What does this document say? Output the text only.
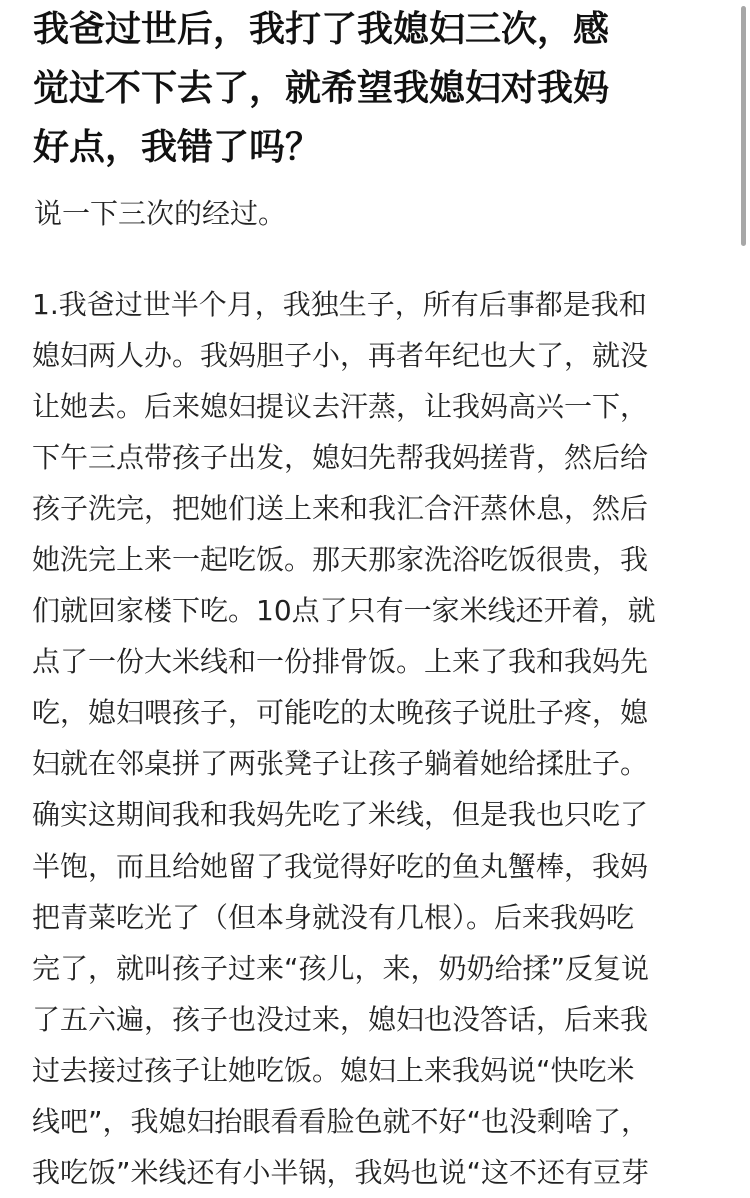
我爸过世后，我打了我媳妇三次，感
觉过不下去了，就希望我媳妇对我妈
好点，我错了吗？

说一下三次的经过。

1.我爸过世半个月，我独生子，所有后事都是我和
媳妇两人办。我妈胆子小，再者年纪也大了，就没
让她去。后来媳妇提议去汗蒸，让我妈高兴一下，
下午三点带孩子出发，媳妇先帮我妈搓背，然后给
孩子洗完，把她们送上来和我汇合汗蒸休息，然后
她洗完上来一起吃饭。那天那家洗浴吃饭很贵，我
们就回家楼下吃。10点了只有一家米线还开着，就
点了一份大米线和一份排骨饭。上来了我和我妈先
吃，媳妇喂孩子，可能吃的太晚孩子说肚子疼，媳
妇就在邻桌拼了两张凳子让孩子躺着她给揉肚子。
确实这期间我和我妈先吃了米线，但是我也只吃了
半饱，而且给她留了我觉得好吃的鱼丸蟹棒，我妈
把青菜吃光了（但本身就没有几根）。后来我妈吃
完了，就叫孩子过来“孩儿，来，奶奶给揉”反复说
了五六遍，孩子也没过来，媳妇也没答话，后来我
过去接过孩子让她吃饭。媳妇上来我妈说“快吃米
线吧”，我媳妇抬眼看看脸色就不好“也没剩啥了，
我吃饭”米线还有小半锅，我妈也说“这不还有豆芽
